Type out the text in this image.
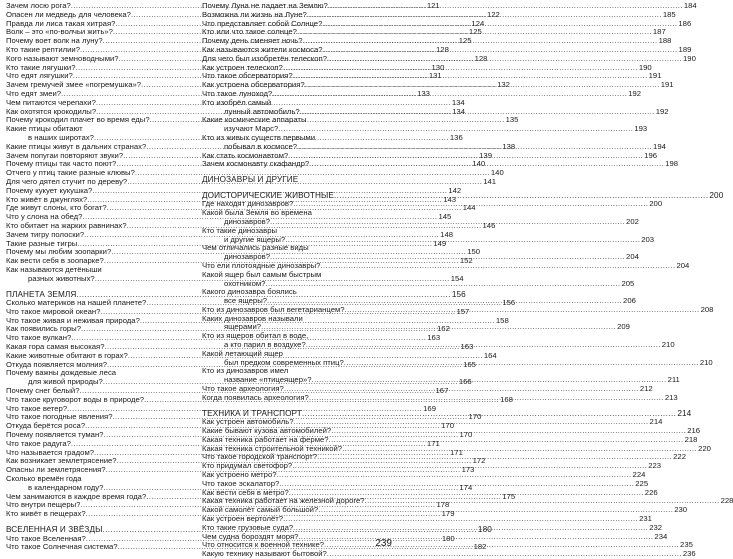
Зачем лосю рога? .....	121
Опасен ли медведь для человека? .....	122
Правда ли лиса такая хитрая? .....	124
Волк – это «по-волчьи жить»? .....	125
Почему воет волк на луну? .....	125
Кто такие рептилии? .....	128
Кого называют земноводными? .....	128
Кто такие лягушки? .....	130
Что едят лягушки? .....	131
Зачем гремучей змее «погремушка»? .....	132
Что едят змеи? .....	133
Чем питаются черепахи? .....	134
Как охотятся крокодилы? .....	134
Почему крокодил плачет во время еды? .....	135
Какие птицы обитают
в наших широтах? .....	136
Какие птицы живут в дальних странах? .....	138
Зачем попугаи повторяют звуки? .....	139
Почему птицы так часто поют? .....	140
Отчего у птиц такие разные клювы? .....	140
Для чего дятел стучит по дереву? .....	141
Почему кукует кукушка? .....	142
Кто живёт в джунглях? .....	143
Где живут слоны, кто богат? .....	144
Что у слона на обед? .....	145
Кто обитает на жарких равнинах? .....	146
Зачем тигру полоски? .....	148
Такие разные тигры .....	149
Почему мы любим зоопарки? .....	150
Как вести себя в зоопарке? .....	152
Как называются детёныши
разных животных? .....	154
ПЛАНЕТА ЗЕМЛЯ .....	156
Сколько материков на нашей планете? .....	156
Что такое мировой океан? .....	157
Что такое живая и неживая природа? .....	158
Как появились горы? .....	162
Что такое вулкан? .....	163
Какая гора самая высокая? .....	163
Какие животные обитают в горах? .....	164
Откуда появляется молния? .....	165
Почему важны дождевые леса
для живой природы? .....	166
Почему снег белый? .....	167
Что такое круговорот воды в природе? .....	168
Что такое ветер? .....	169
Что такое погодные явления? .....	170
Откуда берётся роса? .....	170
Почему появляется туман? .....	170
Что такое радуга? .....	171
Что называется градом? .....	171
Как возникает землетрясение? .....	172
Опасны ли землетрясения? .....	173
Сколько времён года
в календарном году? .....	174
Чем занимаются в каждое время года? .....	175
Что внутри пещеры? .....	178
Кто живёт в пещерах? .....	179
ВСЕЛЕННАЯ И ЗВЁЗДЫ .....	180
Что такое Вселенная? .....	180
Что такое Солнечная система? .....	182
Почему Луна не падает на Землю? .....	184
Возможна ли жизнь на Луне? .....	185
Что представляет собой Солнце? .....	186
Кто или что такое солнце? .....	187
Почему день сменяет ночь? .....	188
Как называются жители космоса? .....	189
Для чего был изобретён телескоп? .....	190
Как устроен телескоп? .....	190
Что такое обсерватория? .....	191
Как устроена обсерватория? .....	191
Что такое луноход? .....	192
Кто изобрёл самый
лунный автомобиль? .....	192
Какие космические аппараты
изучают Марс? .....	193
Кто из живых существ первыми
побывал в космосе? .....	194
Как стать космонавтом? .....	196
Зачем космонавту скафандр? .....	198
ДИНОЗАВРЫ И ДРУГИЕ
ДОИСТОРИЧЕСКИЕ ЖИВОТНЫЕ .....	200
Где находят динозавров? .....	200
Какой была Земля во времена
динозавров? .....	202
Кто такие динозавры
и другие ящеры? .....	203
Чем отличались разные виды
динозавров? .....	204
Что ели плотоядные динозавры? .....	204
Какой ящер был самым быстрым
охотником? .....	205
Какого динозавра боялись
все ящеры? .....	206
Кто из динозавров был вегетарианцем? .....	208
Каких динозавров называли
ящерами? .....	209
Кто из ящеров обитал в воде,
а кто парил в воздухе? .....	210
Какой летающий ящер
был предком современных птиц? .....	210
Кто из динозавров имел
название «птицеящер»? .....	211
Что такое археология? .....	212
Когда появилась археология? .....	213
ТЕХНИКА И ТРАНСПОРТ .....	214
Как устроен автомобиль? .....	214
Какие бывают кузова автомобилей? .....	216
Какая техника работает на ферме? .....	218
Какая техника строительной техникой? .....	220
Что такое городской транспорт? .....	222
Кто придумал светофор? .....	223
Как устроено метро? .....	224
Что такое эскалатор? .....	225
Как вести себя в метро? .....	226
Какая техника работает на железной дороге? .....	228
Какой самолёт самый большой? .....	230
Как устроен вертолёт? .....	231
Кто такие грузовые суда? .....	232
Чем судна бороздят моря? .....	234
Что относится к военной технике? .....	235
Какую технику называют бытовой? .....	236
239
